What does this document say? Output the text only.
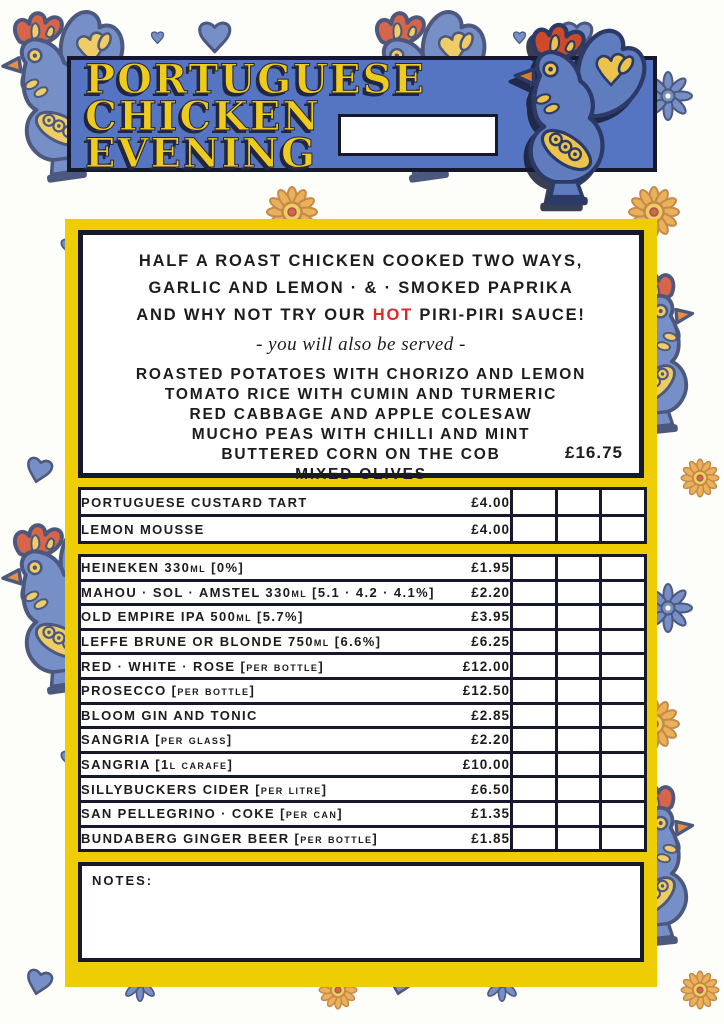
PORTUGUESE
CHICKEN
EVENING
HALF A ROAST CHICKEN COOKED TWO WAYS,
GARLIC AND LEMON · & · SMOKED PAPRIKA
AND WHY NOT TRY OUR HOT PIRI-PIRI SAUCE!
- you will also be served -
ROASTED POTATOES WITH CHORIZO AND LEMON
TOMATO RICE WITH CUMIN AND TURMERIC
RED CABBAGE AND APPLE COLESAW
MUCHO PEAS WITH CHILLI AND MINT
BUTTERED CORN ON THE COB
MIXED OLIVES
£16.75
PORTUGUESE CUSTARD TART £4.00			

LEMON MOUSSE £4.00			

HEINEKEN 330ml [0%] £1.95			

MAHOU · SOL · AMSTEL 330ml [5.1 · 4.2 · 4.1%] £2.20			

OLD EMPIRE IPA 500ml [5.7%] £3.95			

LEFFE BRUNE OR BLONDE 750ml [6.6%] £6.25			

RED · WHITE · ROSE [per bottle] £12.00			

PROSECCO [per bottle] £12.50			

BLOOM GIN AND TONIC £2.85			

SANGRIA [per glass] £2.20			

SANGRIA [1l carafe] £10.00			

SILLYBUCKERS CIDER [per litre] £6.50			

SAN PELLEGRINO · COKE [per can] £1.35			

BUNDABERG GINGER BEER [per bottle] £1.85			

NOTES:
